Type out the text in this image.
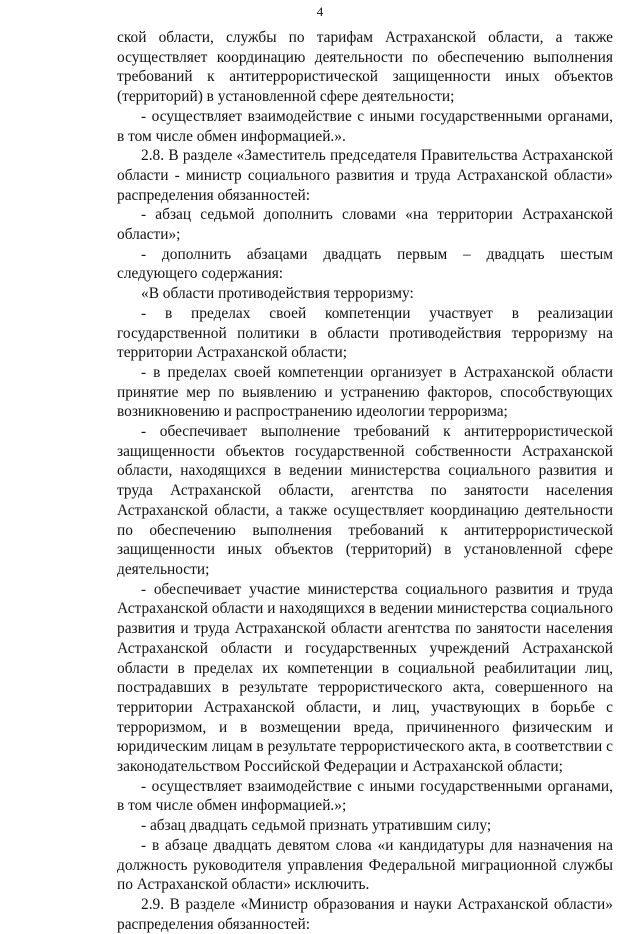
4

ской области, службы по тарифам Астраханской области, а также осуществляет координацию деятельности по обеспечению выполнения требований к антитеррористической защищенности иных объектов (территорий) в установленной сфере деятельности;

- осуществляет взаимодействие с иными государственными органами, в том числе обмен информацией.».

2.8. В разделе «Заместитель председателя Правительства Астраханской области - министр социального развития и труда Астраханской области» распределения обязанностей:

- абзац седьмой дополнить словами «на территории Астраханской области»;

- дополнить абзацами двадцать первым – двадцать шестым следующего содержания:

«В области противодействия терроризму:

- в пределах своей компетенции участвует в реализации государственной политики в области противодействия терроризму на территории Астраханской области;

- в пределах своей компетенции организует в Астраханской области принятие мер по выявлению и устранению факторов, способствующих возникновению и распространению идеологии терроризма;

- обеспечивает выполнение требований к антитеррористической защищенности объектов государственной собственности Астраханской области, находящихся в ведении министерства социального развития и труда Астраханской области, агентства по занятости населения Астраханской области, а также осуществляет координацию деятельности по обеспечению выполнения требований к антитеррористической защищенности иных объектов (территорий) в установленной сфере деятельности;

- обеспечивает участие министерства социального развития и труда Астраханской области и находящихся в ведении министерства социального развития и труда Астраханской области агентства по занятости населения Астраханской области и государственных учреждений Астраханской области в пределах их компетенции в социальной реабилитации лиц, пострадавших в результате террористического акта, совершенного на территории Астраханской области, и лиц, участвующих в борьбе с терроризмом, и в возмещении вреда, причиненного физическим и юридическим лицам в результате террористического акта, в соответствии с законодательством Российской Федерации и Астраханской области;

- осуществляет взаимодействие с иными государственными органами, в том числе обмен информацией.»;

- абзац двадцать седьмой признать утратившим силу;

- в абзаце двадцать девятом слова «и кандидатуры для назначения на должность руководителя управления Федеральной миграционной службы по Астраханской области» исключить.

2.9. В разделе «Министр образования и науки Астраханской области» распределения обязанностей:
